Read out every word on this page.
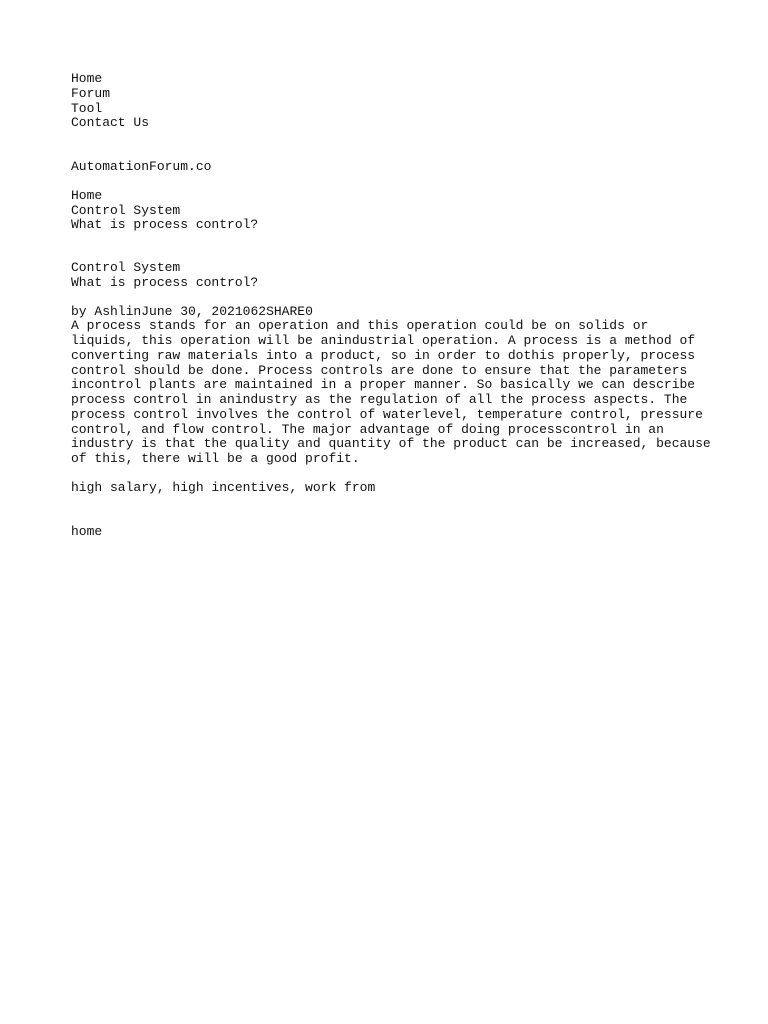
Home
Forum
Tool
Contact Us
AutomationForum.co
Home
Control System
What is process control?
Control System
What is process control?
by AshlinJune 30, 2021062SHARE0

A process stands for an operation and this operation could be on solids or liquids, this operation will be anindustrial operation. A process is a method of converting raw materials into a product, so in order to dothis properly, process control should be done. Process controls are done to ensure that the parameters incontrol plants are maintained in a proper manner. So basically we can describe process control in anindustry as the regulation of all the process aspects. The process control involves the control of waterlevel, temperature control, pressure control, and flow control. The major advantage of doing processcontrol in an industry is that the quality and quantity of the product can be increased, because of this, there will be a good profit.

high salary, high incentives, work from
home
